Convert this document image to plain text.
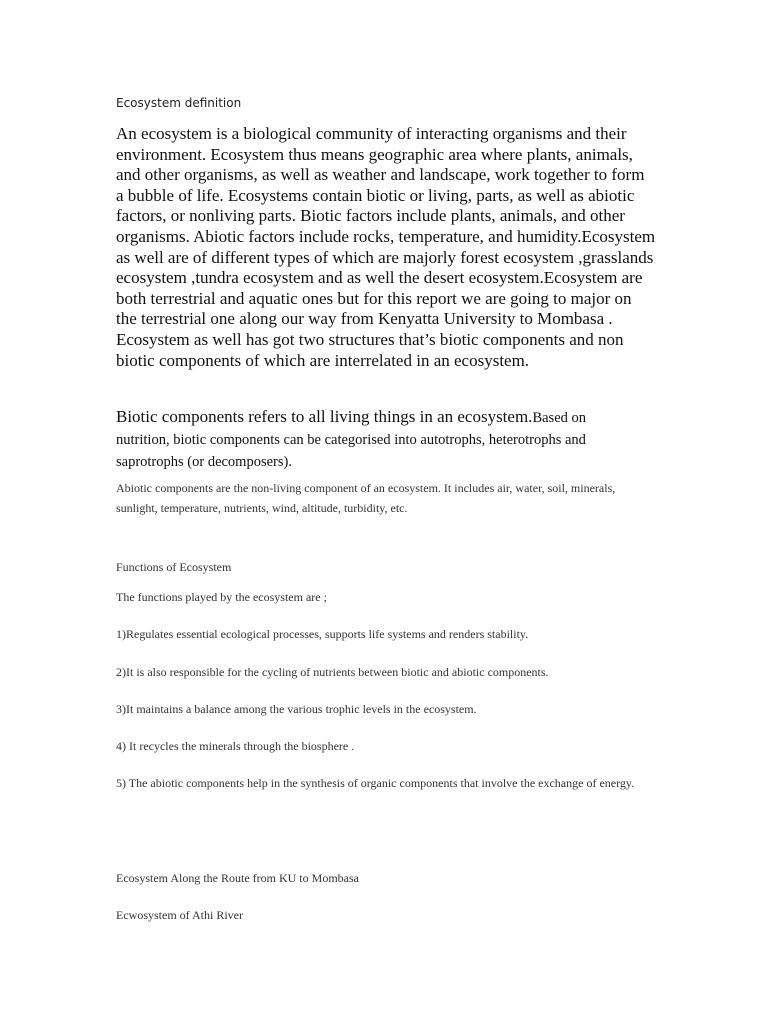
Ecosystem definition

An ecosystem is a biological community of interacting organisms and their environment. Ecosystem thus means geographic area where plants, animals, and other organisms, as well as weather and landscape, work together to form a bubble of life. Ecosystems contain biotic or living, parts, as well as abiotic factors, or nonliving parts. Biotic factors include plants, animals, and other organisms. Abiotic factors include rocks, temperature, and humidity.Ecosystem as well are of different types of which are majorly forest ecosystem ,grasslands ecosystem ,tundra ecosystem and as well the desert ecosystem.Ecosystem are both terrestrial and aquatic ones but for this report we are going to major on the terrestrial one along our way from Kenyatta University to Mombasa . Ecosystem as well has got two structures that’s biotic components and non biotic components of which are interrelated in an ecosystem.

Biotic components refers to all living things in an ecosystem.Based on nutrition, biotic components can be categorised into autotrophs, heterotrophs and saprotrophs (or decomposers).

Abiotic components are the non-living component of an ecosystem. It includes air, water, soil, minerals, sunlight, temperature, nutrients, wind, altitude, turbidity, etc.

Functions of Ecosystem

The functions played by the ecosystem are ;

1)Regulates essential ecological processes, supports life systems and renders stability.

2)It is also responsible for the cycling of nutrients between biotic and abiotic components.

3)It maintains a balance among the various trophic levels in the ecosystem.

4) It recycles the minerals through the biosphere .

5) The abiotic components help in the synthesis of organic components that involve the exchange of energy.

Ecosystem Along the Route from KU to Mombasa

Ecwosystem of Athi River
